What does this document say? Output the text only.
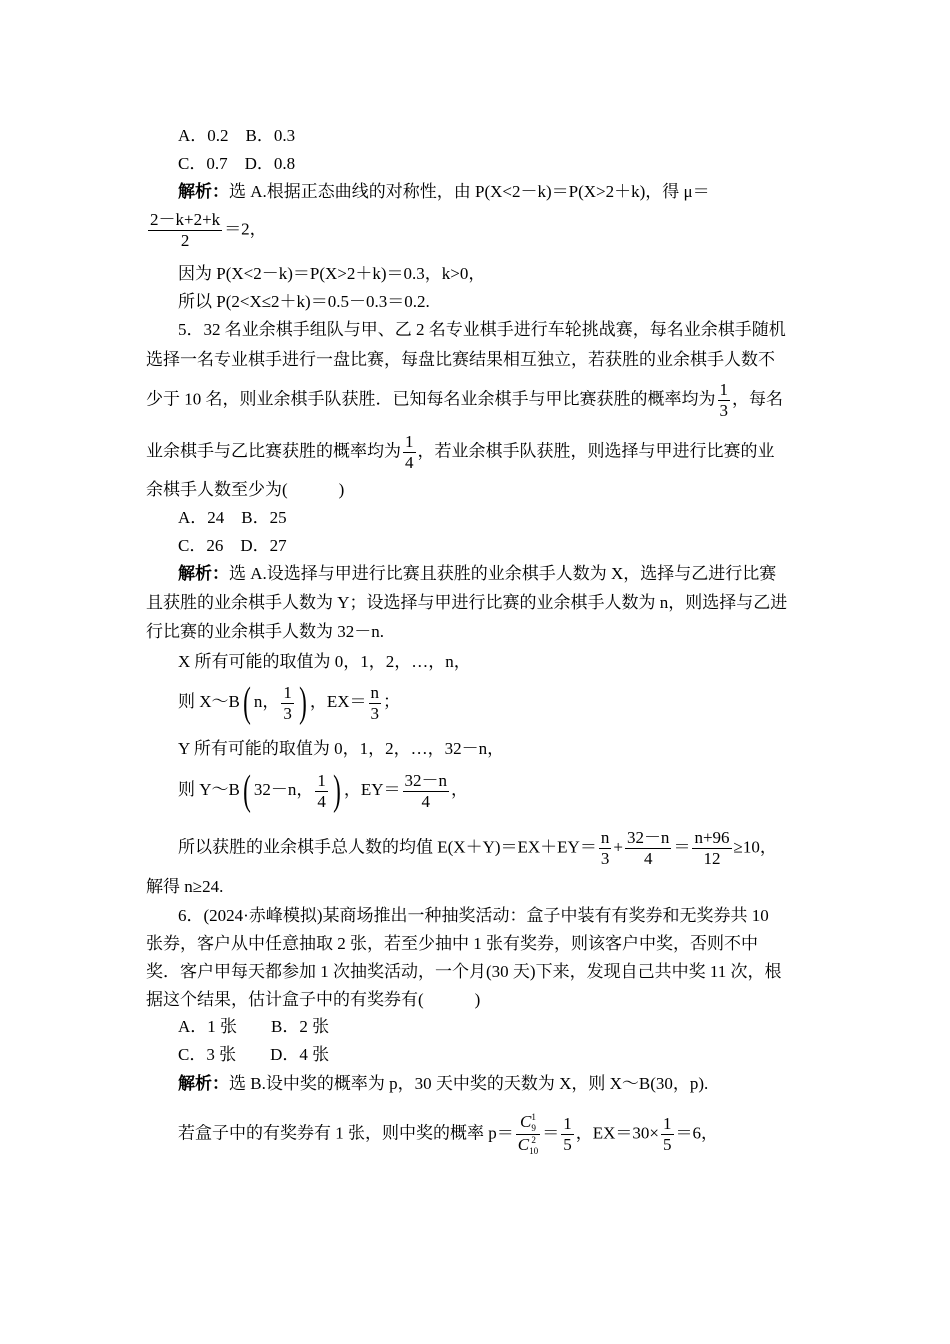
A．0.2　B．0.3
C．0.7　D．0.8
解析：选 A.根据正态曲线的对称性，由 P(X<2－k)＝P(X>2＋k)，得 μ＝
$\frac{2-k+2+k}{2} =2$，
因为 P(X<2－k)＝P(X>2＋k)＝0.3，k>0，
所以 P(2<X≤2＋k)＝0.5－0.3＝0.2.
5．32 名业余棋手组队与甲、乙 2 名专业棋手进行车轮挑战赛，每名业余棋手随机
选择一名专业棋手进行一盘比赛，每盘比赛结果相互独立，若获胜的业余棋手人数不
少于 10 名，则业余棋手队获胜．已知每名业余棋手与甲比赛获胜的概率均为 $\frac{1}{3}$ ，每名
业余棋手与乙比赛获胜的概率均为 $\frac{1}{4}$ ，若业余棋手队获胜，则选择与甲进行比赛的业
余棋手人数至少为(　　　)
A．24　B．25
C．26　D．27
解析：选 A.设选择与甲进行比赛且获胜的业余棋手人数为 X，选择与乙进行比赛
且获胜的业余棋手人数为 Y；设选择与甲进行比赛的业余棋手人数为 n，则选择与乙进
行比赛的业余棋手人数为 32－n.
X 所有可能的取值为 0，1，2，…，n，
则 X～B( n， $\frac{1}{3}$ ) ，$EX= \frac{n}{3}$ ；
Y 所有可能的取值为 0，1，2，…，32－n，
则 Y～B( 32－n， $\frac{1}{4}$ ) ，$EY= \frac{32-n}{4}$ ，
所以获胜的业余棋手总人数的均值 $E(X+Y)=EX+EY= \frac{n}{3} + \frac{32-n}{4} = \frac{n+96}{12} \ge 10$，
解得 n≥24.
6．(2024·赤峰模拟)某商场推出一种抽奖活动：盒子中装有有奖券和无奖券共 10
张券，客户从中任意抽取 2 张，若至少抽中 1 张有奖券，则该客户中奖，否则不中
奖．客户甲每天都参加 1 次抽奖活动，一个月(30 天)下来，发现自己共中奖 11 次，根
据这个结果，估计盒子中的有奖券有(　　　)
A．1 张　　B．2 张
C．3 张　　D．4 张
解析：选 B.设中奖的概率为 p，30 天中奖的天数为 X，则 X～B(30，p).
若盒子中的有奖券有 1 张，则中奖的概率 p＝ C 1
9
C 2
$10 = \frac{1}{5}$ ，$EX=30\times \frac{1}{5} =6$，
